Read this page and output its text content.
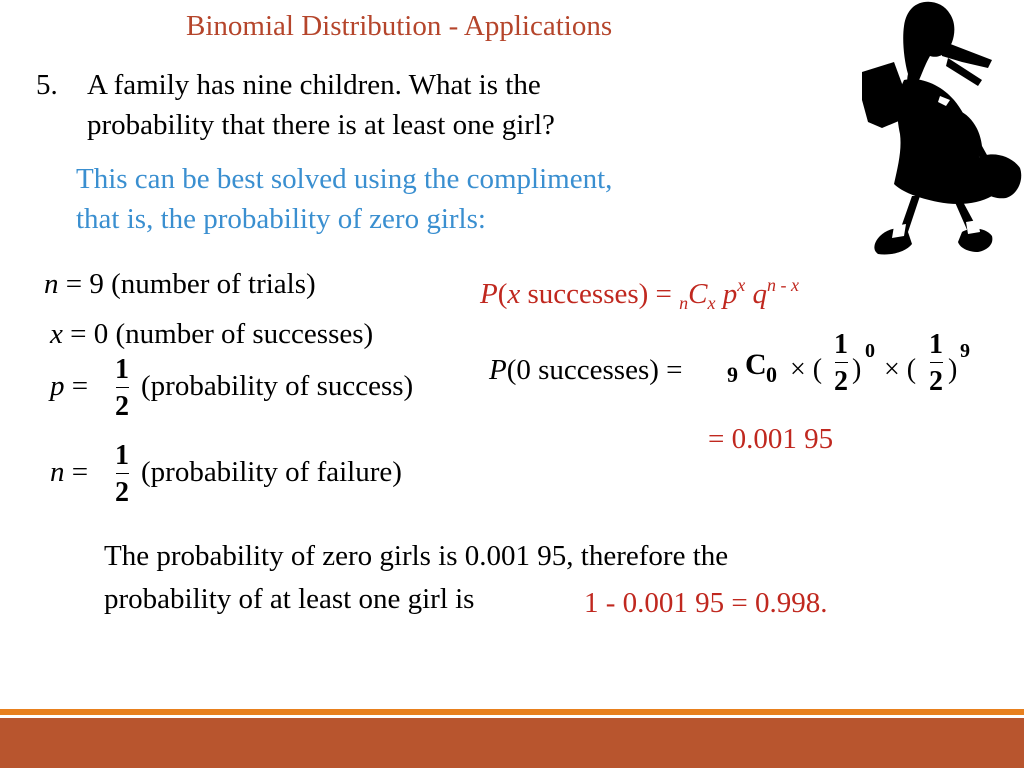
Binomial Distribution - Applications
5. A family has nine children. What is the
probability that there is at least one girl?
This can be best solved using the compliment,
that is, the probability of zero girls:
n = 9 (number of trials)
x = 0 (number of successes)
p =
1
2
(probability of success)
n =
1
2
(probability of failure)
P(x successes) = $_nC_x$ $p^x$ $q^{n - x}$
P(0 successes) = 9 C 0 × (
1
2 )
0
× (
1
2 )
9
= 0.001 95
The probability of zero girls is 0.001 95, therefore the
probability of at least one girl is	1 - 0.001 95 = 0.998.
